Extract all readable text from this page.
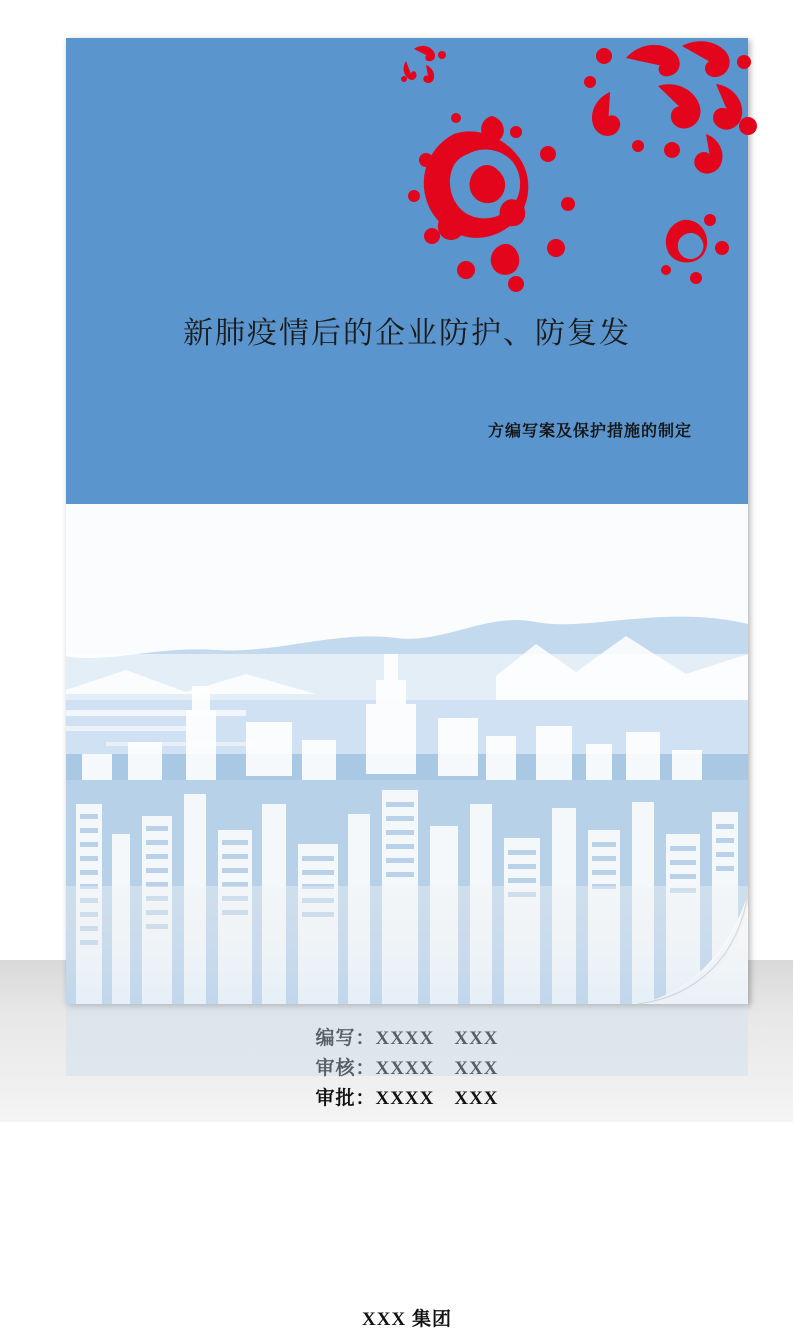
新肺疫情后的企业防护、防复发
方编写案及保护措施的制定
编写：XXXX　XXX
审核：XXXX　XXX
审批：XXXX　XXX
XXX 集团
